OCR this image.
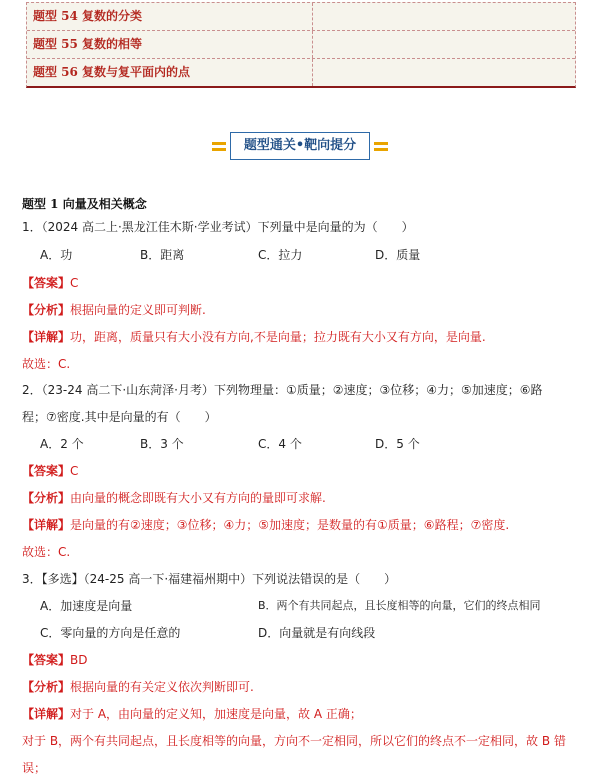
题型 54 复数的分类
题型 55 复数的相等
题型 56 复数与复平面内的点
题型通关•靶向提分
题型 1 向量及相关概念
1．（2024 高二上·黑龙江佳木斯·学业考试）下列量中是向量的为（　　）
A．功	B．距离	C．拉力	D．质量
【答案】C
【分析】根据向量的定义即可判断.
【详解】功，距离，质量只有大小没有方向,不是向量；拉力既有大小又有方向，是向量.
故选：C.
2．（23-24 高二下·山东菏泽·月考）下列物理量：①质量；②速度；③位移；④力；⑤加速度；⑥路
程；⑦密度.其中是向量的有（　　）
A．2 个	B．3 个	C．4 个	D．5 个
【答案】C
【分析】由向量的概念即既有大小又有方向的量即可求解.
【详解】是向量的有②速度；③位移；④力；⑤加速度；是数量的有①质量；⑥路程；⑦密度.
故选：C.
3．【多选】（24-25 高一下·福建福州期中）下列说法错误的是（　　）
A．加速度是向量	B．两个有共同起点，且长度相等的向量，它们的终点相同
C．零向量的方向是任意的	D．向量就是有向线段
【答案】BD
【分析】根据向量的有关定义依次判断即可.
【详解】对于 A，由向量的定义知，加速度是向量，故 A 正确；
对于 B，两个有共同起点，且长度相等的向量，方向不一定相同，所以它们的终点不一定相同，故 B 错
误；
